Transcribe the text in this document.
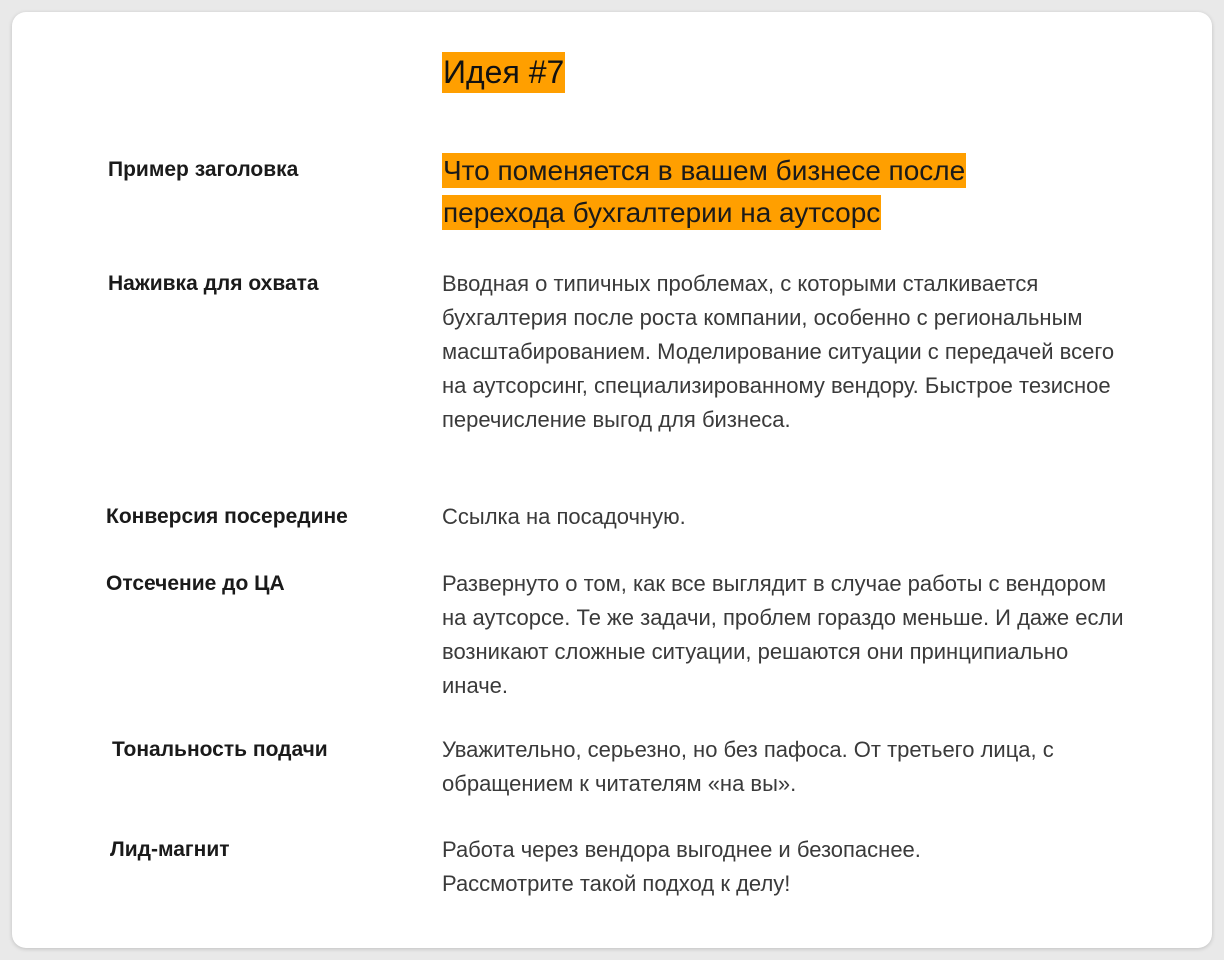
Идея #7
Пример заголовка	Что поменяется в вашем бизнесе после
перехода бухгалтерии на аутсорс

Наживка для охвата	Вводная о типичных проблемах, с которыми сталкивается бухгалтерия после роста компании, особенно с региональным масштабированием. Моделирование ситуации с передачей всего на аутсорсинг, специализированному вендору. Быстрое тезисное перечисление выгод для бизнеса.

Конверсия посередине	Ссылка на посадочную.

Отсечение до ЦА	Развернуто о том, как все выглядит в случае работы с вендором на аутсорсе. Те же задачи, проблем гораздо меньше. И даже если возникают сложные ситуации, решаются они принципиально иначе.

Тональность подачи	Уважительно, серьезно, но без пафоса. От третьего лица, с обращением к читателям «на вы».

Лид-магнит	Работа через вендора выгоднее и безопаснее. Рассмотрите такой подход к делу!
